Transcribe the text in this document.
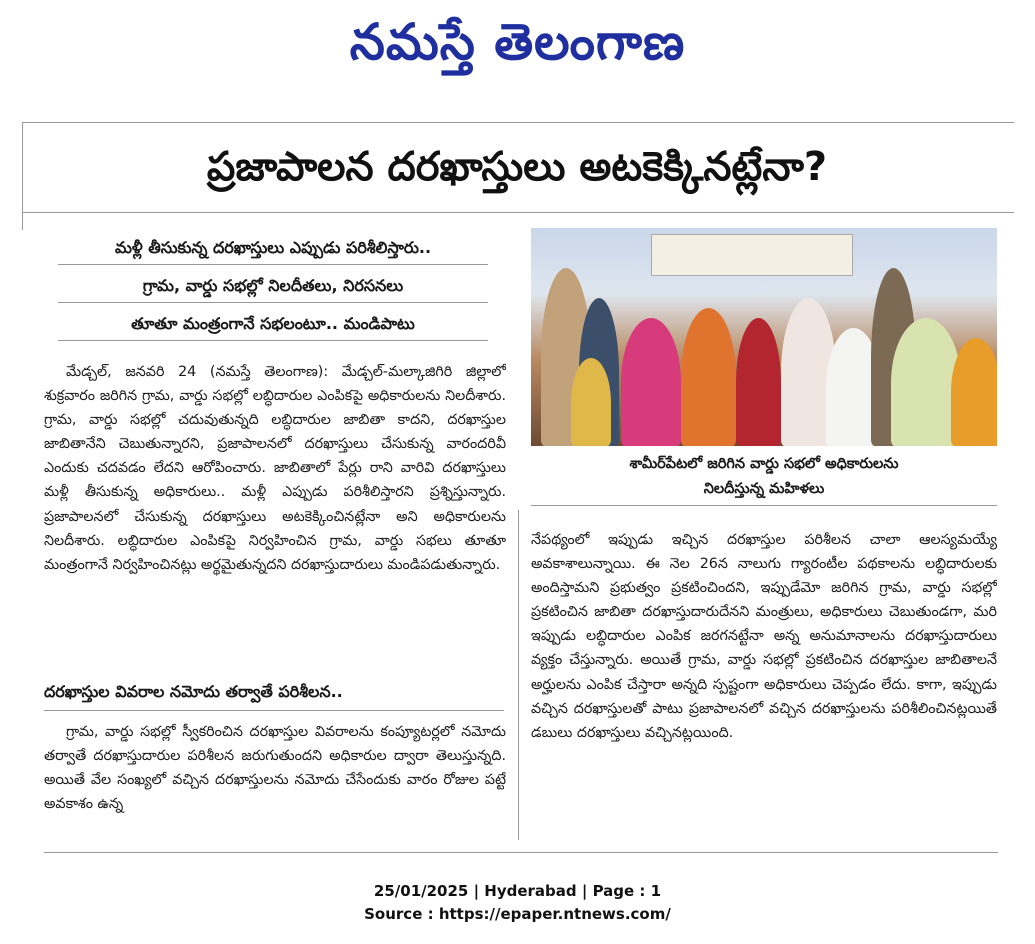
నమస్తే తెలంగాణ
ప్రజాపాలన దరఖాస్తులు అటకెక్కినట్లేనా?
మళ్లీ తీసుకున్న దరఖాస్తులు ఎప్పుడు పరిశీలిస్తారు..
గ్రామ, వార్డు సభల్లో నిలదీతలు, నిరసనలు
తూతూ మంత్రంగానే సభలంటూ.. మండిపాటు

మేడ్చల్, జనవరి 24 (నమస్తే తెలంగాణ): మేడ్చల్-మల్కాజిగిరి జిల్లాలో శుక్రవారం జరిగిన గ్రామ, వార్డు సభల్లో లబ్ధిదారుల ఎంపికపై అధికారులను నిలదీశారు. గ్రామ, వార్డు సభల్లో చదువుతున్నది లబ్ధిదారుల జాబితా కాదని, దరఖాస్తుల జాబితానేని చెబుతున్నారని, ప్రజాపాలనలో దరఖాస్తులు చేసుకున్న వారందరివీ ఎందుకు చదవడం లేదని ఆరోపించారు. జాబితాలో పేర్లు రాని వారివి దరఖాస్తులు మళ్లీ తీసుకున్న అధికారులు.. మళ్లీ ఎప్పుడు పరిశీలిస్తారని ప్రశ్నిస్తున్నారు. ప్రజాపాలనలో చేసుకున్న దరఖాస్తులు అటకెక్కించినట్లేనా అని అధికారులను నిలదీశారు. లబ్ధిదారుల ఎంపికపై నిర్వహించిన గ్రామ, వార్డు సభలు తూతూ మంత్రంగానే నిర్వహించినట్లు అర్థమైతున్నదని దరఖాస్తుదారులు మండిపడుతున్నారు.

దరఖాస్తుల వివరాల నమోదు తర్వాతే పరిశీలన..

గ్రామ, వార్డు సభల్లో స్వీకరించిన దరఖాస్తుల వివరాలను కంప్యూటర్లలో నమోదు తర్వాతే దరఖాస్తుదారుల పరిశీలన జరుగుతుందని అధికారుల ద్వారా తెలుస్తున్నది. అయితే వేల సంఖ్యలో వచ్చిన దరఖాస్తులను నమోదు చేసేందుకు వారం రోజుల పట్టే అవకాశం ఉన్న

శామీర్‌పేటలో జరిగిన వార్డు సభలో అధికారులను
నిలదీస్తున్న మహిళలు

నేపథ్యంలో ఇప్పుడు ఇచ్చిన దరఖాస్తుల పరిశీలన చాలా ఆలస్యమయ్యే అవకాశాలున్నాయి. ఈ నెల 26న నాలుగు గ్యారంటీల పథకాలను లబ్ధిదారులకు అందిస్తామని ప్రభుత్వం ప్రకటించిందని, ఇప్పుడేమో జరిగిన గ్రామ, వార్డు సభల్లో ప్రకటించిన జాబితా దరఖాస్తుదారుదేనని మంత్రులు, అధికారులు చెబుతుండగా, మరి ఇప్పుడు లబ్ధిదారుల ఎంపిక జరగనట్టేనా అన్న అనుమానాలను దరఖాస్తుదారులు వ్యక్తం చేస్తున్నారు. అయితే గ్రామ, వార్డు సభల్లో ప్రకటించిన దరఖాస్తుల జాబితాలనే అర్హులను ఎంపిక చేస్తారా అన్నది స్పష్టంగా అధికారులు చెప్పడం లేదు. కాగా, ఇప్పుడు వచ్చిన దరఖాస్తులతో పాటు ప్రజాపాలనలో వచ్చిన దరఖాస్తులను పరిశీలించినట్లయితే డబులు దరఖాస్తులు వచ్చినట్లయింది.

25/01/2025 | Hyderabad | Page : 1
Source : https://epaper.ntnews.com/
